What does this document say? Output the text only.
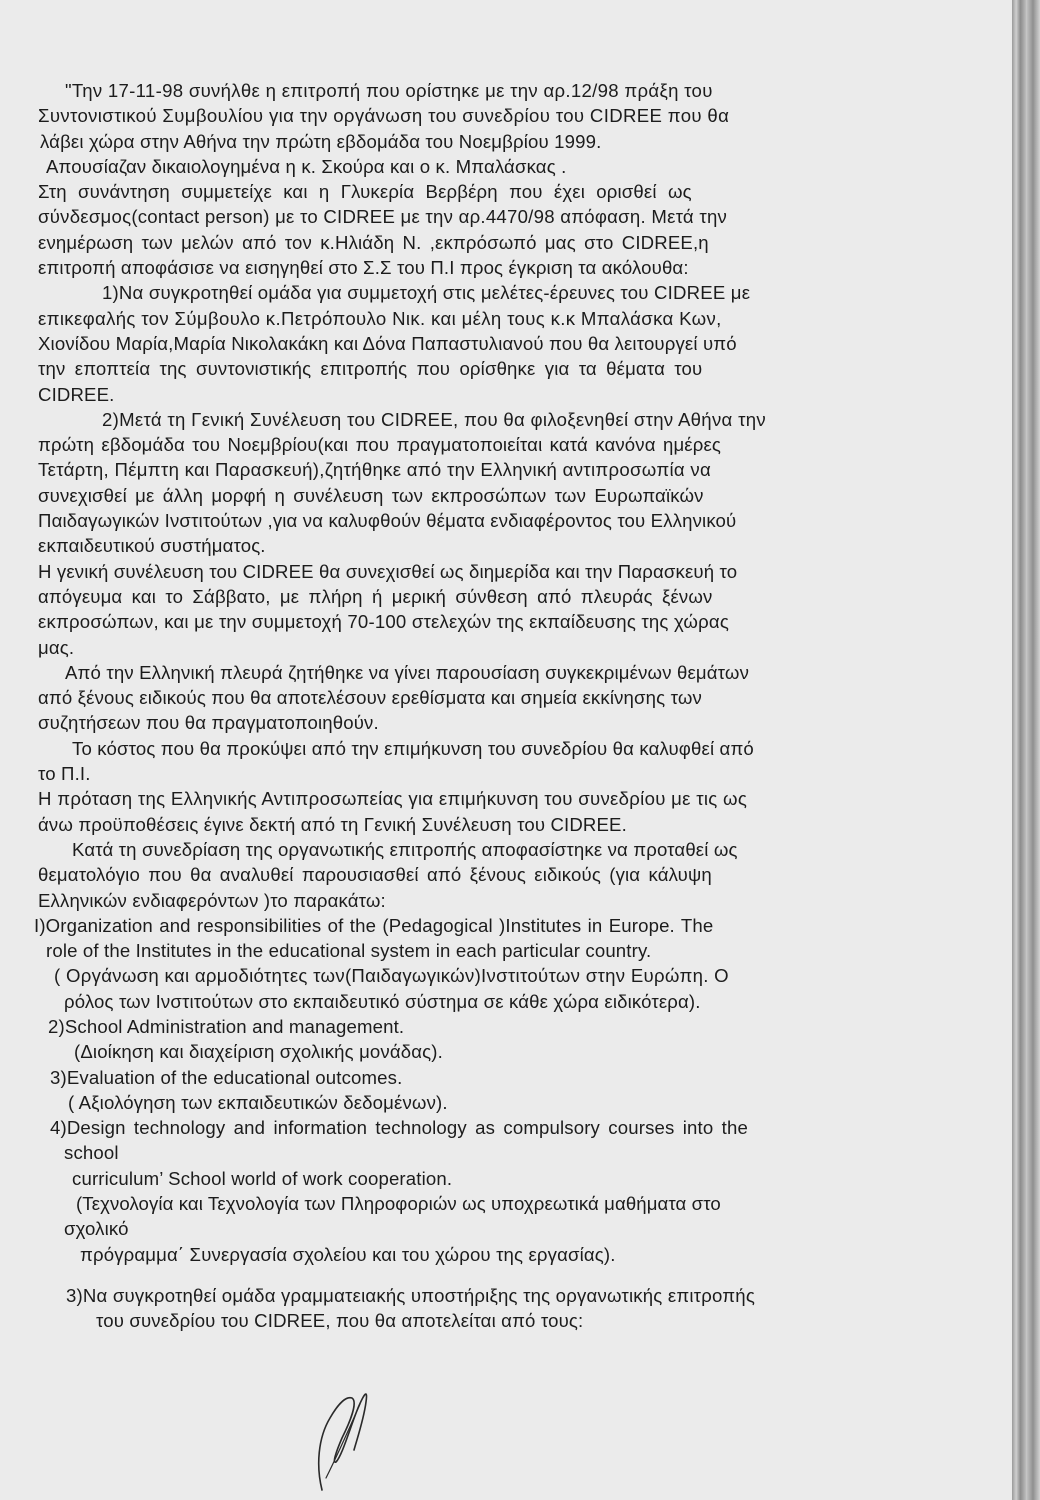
"Την 17-11-98 συνήλθε η επιτροπή που ορίστηκε με την αρ.12/98 πράξη του
Συντονιστικού Συμβουλίου για την οργάνωση του συνεδρίου του CIDREE που θα
λάβει χώρα στην Αθήνα την πρώτη εβδομάδα του Νοεμβρίου 1999.
Απουσίαζαν δικαιολογημένα η κ. Σκούρα και ο κ. Μπαλάσκας .
Στη συνάντηση συμμετείχε και η Γλυκερία Βερβέρη που έχει ορισθεί ως
σύνδεσμος(contact person) με το CIDREE με την αρ.4470/98 απόφαση. Μετά την
ενημέρωση των μελών από τον κ.Ηλιάδη Ν. ,εκπρόσωπό μας στο CIDREE,η
επιτροπή αποφάσισε να εισηγηθεί στο Σ.Σ του Π.Ι προς έγκριση τα ακόλουθα:
1)Να συγκροτηθεί ομάδα για συμμετοχή στις μελέτες-έρευνες του CIDREE με
επικεφαλής τον Σύμβουλο κ.Πετρόπουλο Νικ. και μέλη τους κ.κ Μπαλάσκα Κων,
Χιονίδου Μαρία,Μαρία Νικολακάκη και Δόνα Παπαστυλιανού που θα λειτουργεί υπό
την εποπτεία της συντονιστικής επιτροπής που ορίσθηκε για τα θέματα του
CIDREE.
2)Μετά τη Γενική Συνέλευση του CIDREE, που θα φιλοξενηθεί στην Αθήνα την
πρώτη εβδομάδα του Νοεμβρίου(και που πραγματοποιείται κατά κανόνα ημέρες
Τετάρτη, Πέμπτη και Παρασκευή),ζητήθηκε από την Ελληνική αντιπροσωπία να
συνεχισθεί με άλλη μορφή η συνέλευση των εκπροσώπων των Ευρωπαϊκών
Παιδαγωγικών Ινστιτούτων ,για να καλυφθούν θέματα ενδιαφέροντος του Ελληνικού
εκπαιδευτικού συστήματος.
Η γενική συνέλευση του CIDREE θα συνεχισθεί ως διημερίδα και την Παρασκευή το
απόγευμα και το Σάββατο, με πλήρη ή μερική σύνθεση από πλευράς ξένων
εκπροσώπων, και με την συμμετοχή 70-100 στελεχών της εκπαίδευσης της χώρας
μας.
Από την Ελληνική πλευρά ζητήθηκε να γίνει παρουσίαση συγκεκριμένων θεμάτων
από ξένους ειδικούς που θα αποτελέσουν ερεθίσματα και σημεία εκκίνησης των
συζητήσεων που θα πραγματοποιηθούν.
Το κόστος που θα προκύψει από την επιμήκυνση του συνεδρίου θα καλυφθεί από
το Π.Ι.
Η πρόταση της Ελληνικής Αντιπροσωπείας για επιμήκυνση του συνεδρίου με τις ως
άνω προϋποθέσεις έγινε δεκτή από τη Γενική Συνέλευση του CIDREE.
Κατά τη συνεδρίαση της οργανωτικής επιτροπής αποφασίστηκε να προταθεί ως
θεματολόγιο που θα αναλυθεί παρουσιασθεί από ξένους ειδικούς (για κάλυψη
Ελληνικών ενδιαφερόντων )το παρακάτω:
I)Organization and responsibilities of the (Pedagogical )Institutes in Europe. The
role of the Institutes in the educational system in each particular country.
( Οργάνωση και αρμοδιότητες των(Παιδαγωγικών)Ινστιτούτων στην Ευρώπη. Ο
ρόλος των Ινστιτούτων στο εκπαιδευτικό σύστημα σε κάθε χώρα ειδικότερα).
2)School Administration and management.
(Διοίκηση και διαχείριση σχολικής μονάδας).
3)Evaluation of the educational outcomes.
( Αξιολόγηση των εκπαιδευτικών δεδομένων).
4)Design technology and information technology as compulsory courses into the
school
curriculum’ School world of work cooperation.
(Τεχνολογία και Τεχνολογία των Πληροφοριών ως υποχρεωτικά μαθήματα στο
σχολικό
πρόγραμμα΄ Συνεργασία σχολείου και του χώρου της εργασίας).
3)Να συγκροτηθεί ομάδα γραμματειακής υποστήριξης της οργανωτικής επιτροπής
του συνεδρίου του CIDREE, που θα αποτελείται από τους:
